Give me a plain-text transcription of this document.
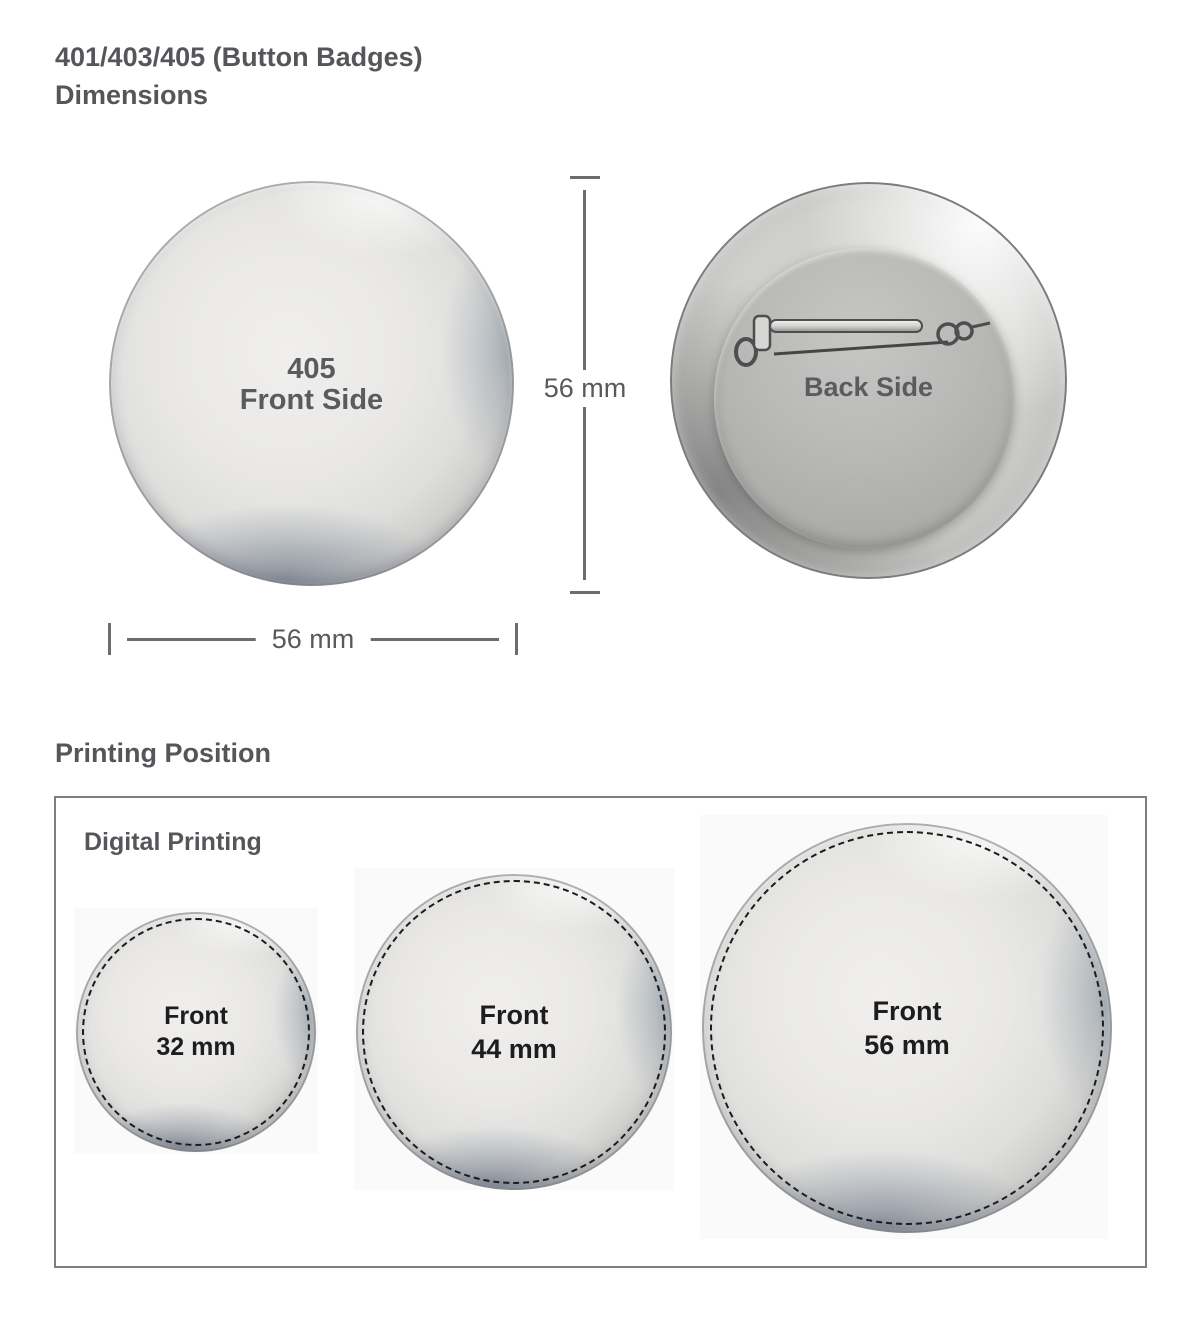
401/403/405 (Button Badges)
Dimensions
405
Front Side	56 mm	Back Side
56 mm
Printing Position
Digital Printing
Front
32 mm
Front
44 mm
Front
56 mm
